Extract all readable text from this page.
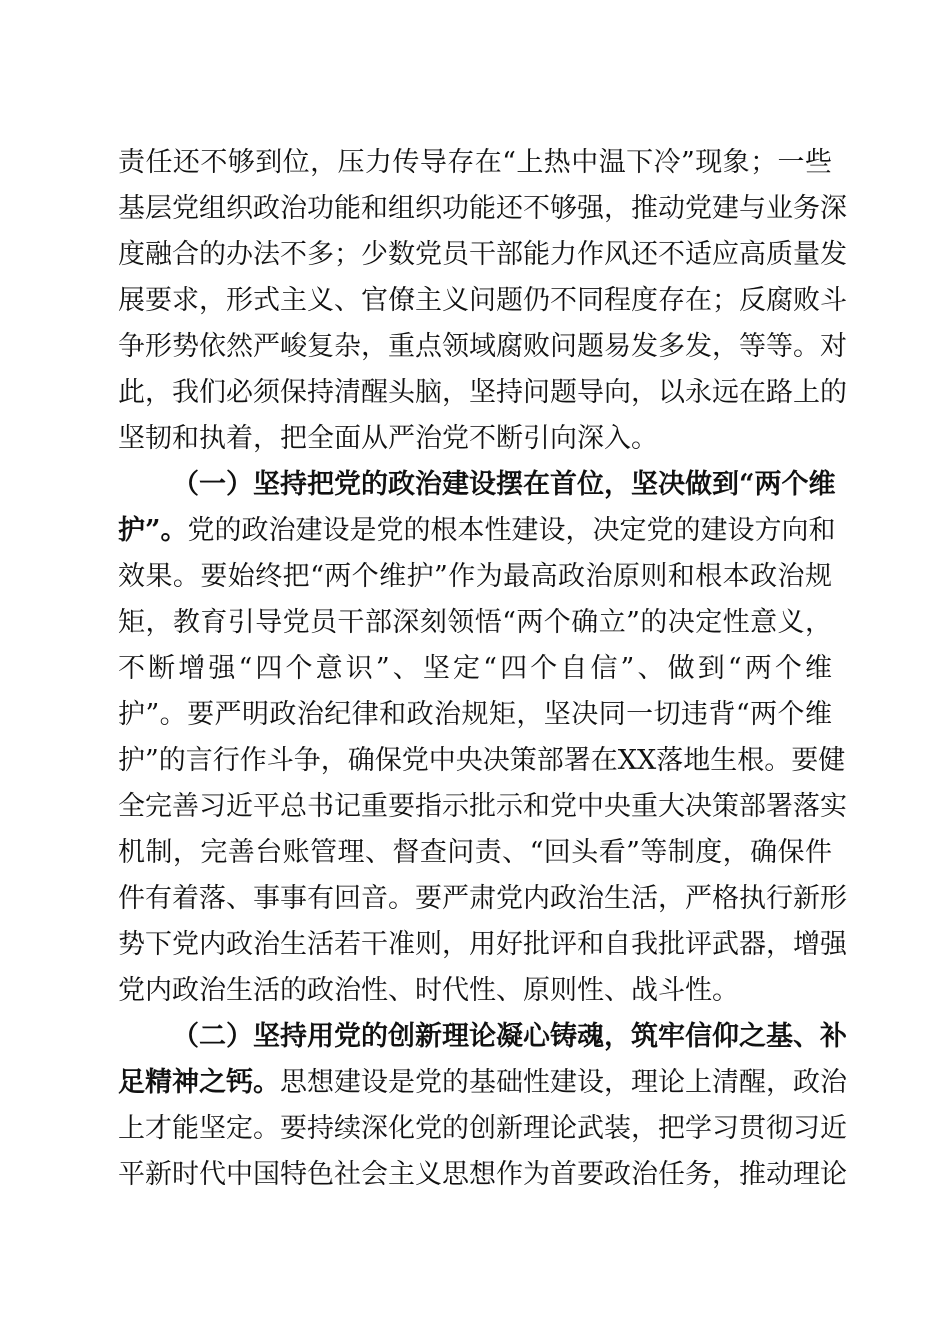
责任还不够到位，压力传导存在“上热中温下冷”现象；一些
基层党组织政治功能和组织功能还不够强，推动党建与业务深
度融合的办法不多；少数党员干部能力作风还不适应高质量发
展要求，形式主义、官僚主义问题仍不同程度存在；反腐败斗
争形势依然严峻复杂，重点领域腐败问题易发多发，等等。对
此，我们必须保持清醒头脑，坚持问题导向，以永远在路上的
坚韧和执着，把全面从严治党不断引向深入。
（一）坚持把党的政治建设摆在首位，坚决做到“两个维
护”。党的政治建设是党的根本性建设，决定党的建设方向和
效果。要始终把“两个维护”作为最高政治原则和根本政治规
矩，教育引导党员干部深刻领悟“两个确立”的决定性意义，
不断增强“四个意识”、坚定“四个自信”、做到“两个维
护”。要严明政治纪律和政治规矩，坚决同一切违背“两个维
护”的言行作斗争，确保党中央决策部署在XX落地生根。要健
全完善习近平总书记重要指示批示和党中央重大决策部署落实
机制，完善台账管理、督查问责、“回头看”等制度，确保件
件有着落、事事有回音。要严肃党内政治生活，严格执行新形
势下党内政治生活若干准则，用好批评和自我批评武器，增强
党内政治生活的政治性、时代性、原则性、战斗性。
（二）坚持用党的创新理论凝心铸魂，筑牢信仰之基、补
足精神之钙。思想建设是党的基础性建设，理论上清醒，政治
上才能坚定。要持续深化党的创新理论武装，把学习贯彻习近
平新时代中国特色社会主义思想作为首要政治任务，推动理论
